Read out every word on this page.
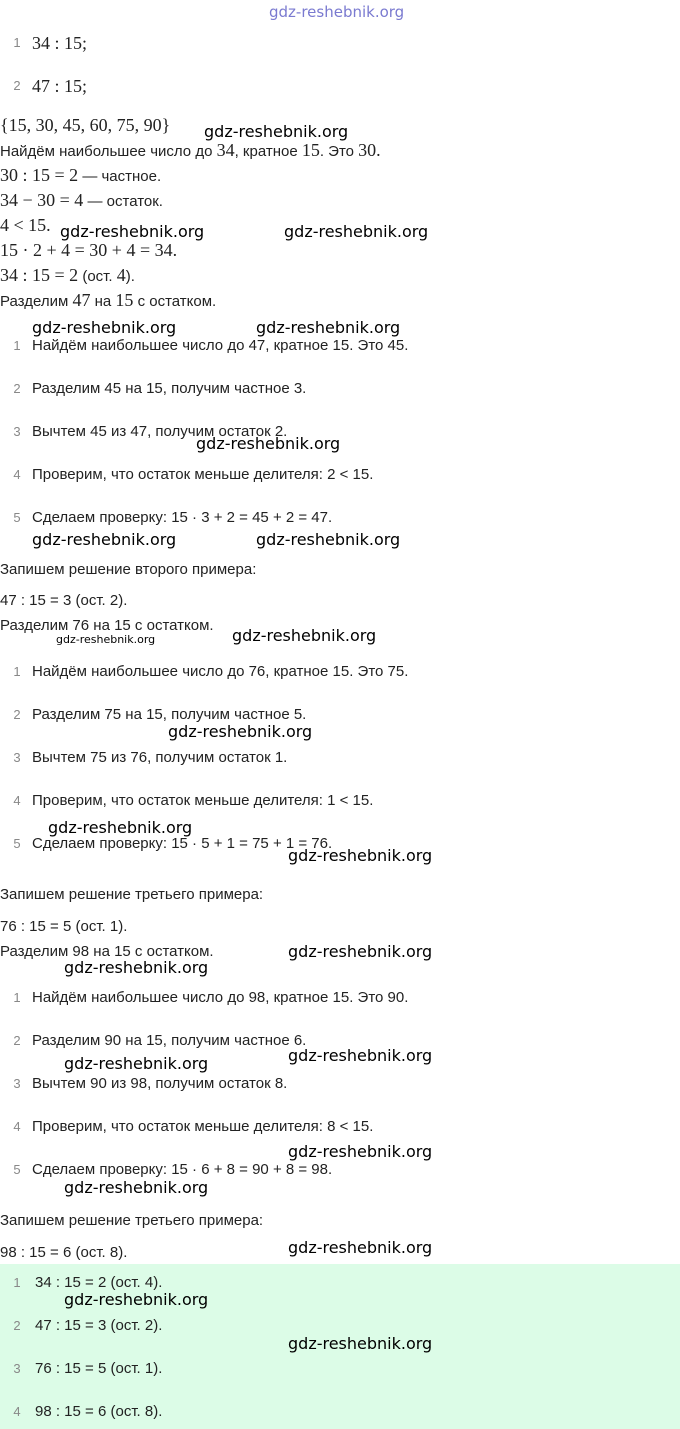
gdz-reshebnik.org
1 34 : 15;
2 47 : 15;
{15, 30, 45, 60, 75, 90} gdz-reshebnik.org
Найдём наибольшее число до 34, кратное 15. Это 30.
30 : 15 = 2 — частное.
34 − 30 = 4 — остаток.
4 < 15. gdz-reshebnik.org	gdz-reshebnik.org
15 · 2 + 4 = 30 + 4 = 34.
34 : 15 = 2 (ост. 4).
Разделим 47 на 15 с остатком.
gdz-reshebnik.org	gdz-reshebnik.org
1 Найдём наибольшее число до 47, кратное 15. Это 45.
2 Разделим 45 на 15, получим частное 3.
3 Вычтем 45 из 47, получим остаток 2.
gdz-reshebnik.org
4 Проверим, что остаток меньше делителя: 2 < 15.
5 Сделаем проверку: 15 · 3 + 2 = 45 + 2 = 47.
gdz-reshebnik.org	gdz-reshebnik.org
Запишем решение второго примера:
47 : 15 = 3 (ост. 2).
Разделим 76 на 15 с остатком.
gdz-reshebnik.org	gdz-reshebnik.org
1 Найдём наибольшее число до 76, кратное 15. Это 75.
2 Разделим 75 на 15, получим частное 5.
gdz-reshebnik.org
3 Вычтем 75 из 76, получим остаток 1.
4 Проверим, что остаток меньше делителя: 1 < 15.
gdz-reshebnik.org
5 Сделаем проверку: 15 · 5 + 1 = 75 + 1 = 76.
gdz-reshebnik.org
Запишем решение третьего примера:
76 : 15 = 5 (ост. 1).
Разделим 98 на 15 с остатком.	gdz-reshebnik.org
gdz-reshebnik.org
1 Найдём наибольшее число до 98, кратное 15. Это 90.
2 Разделим 90 на 15, получим частное 6.
gdz-reshebnik.org
gdz-reshebnik.org
3 Вычтем 90 из 98, получим остаток 8.
4 Проверим, что остаток меньше делителя: 8 < 15.
gdz-reshebnik.org
5 Сделаем проверку: 15 · 6 + 8 = 90 + 8 = 98.
gdz-reshebnik.org
Запишем решение третьего примера:
98 : 15 = 6 (ост. 8).	gdz-reshebnik.org
1 34 : 15 = 2 (ост. 4).
gdz-reshebnik.org
2 47 : 15 = 3 (ост. 2).
gdz-reshebnik.org
3 76 : 15 = 5 (ост. 1).
4 98 : 15 = 6 (ост. 8).
